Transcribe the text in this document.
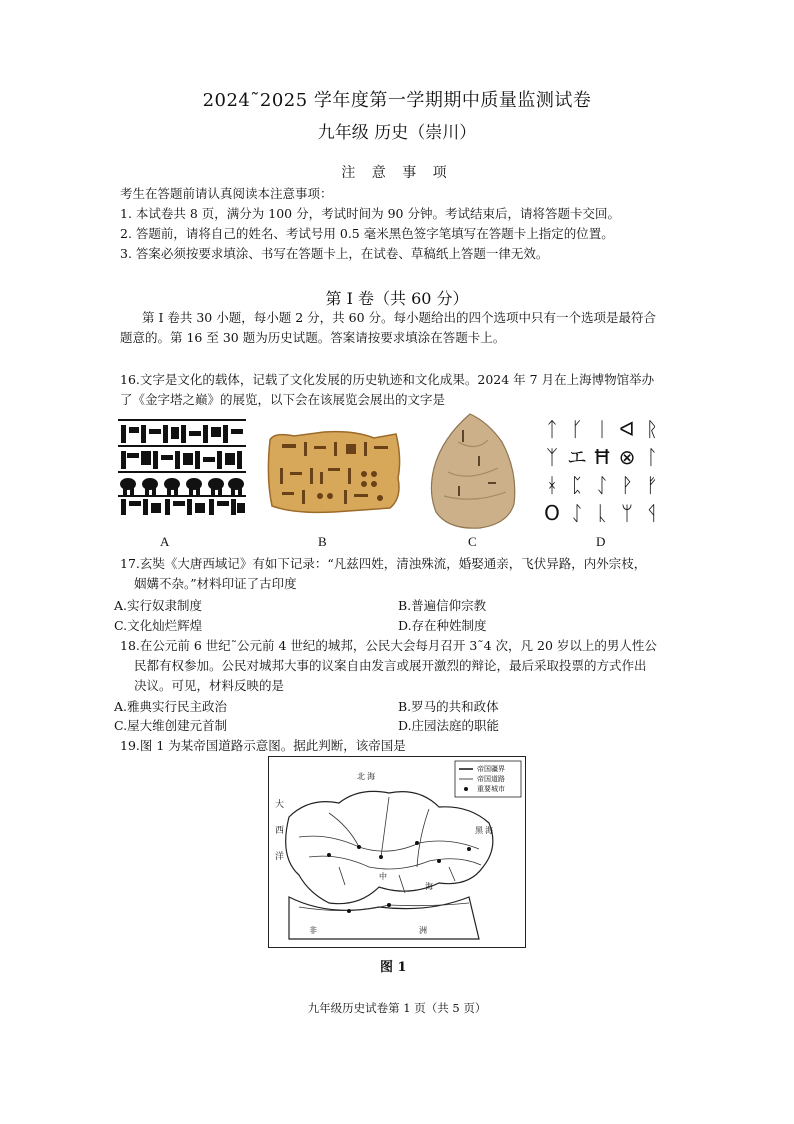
2024˜2025 学年度第一学期期中质量监测试卷
九年级 历史（崇川）
注 意 事 项
考生在答题前请认真阅读本注意事项：
1. 本试卷共 8 页，满分为 100 分，考试时间为 90 分钟。考试结束后，请将答题卡交回。
2. 答题前，请将自己的姓名、考试号用 0.5 毫米黑色签字笔填写在答题卡上指定的位置。
3. 答案必须按要求填涂、书写在答题卡上，在试卷、草稿纸上答题一律无效。
第 I 卷（共 60 分）
第 I 卷共 30 小题，每小题 2 分，共 60 分。每小题给出的四个选项中只有一个选项是最符合
题意的。第 16 至 30 题为历史试题。答案请按要求填涂在答题卡上。
16.文字是文化的载体，记载了文化发展的历史轨迹和文化成果。2024 年 7 月在上海博物馆举办
了《金字塔之巅》的展览，以下会在该展览会展出的文字是
ᛏ ᚴ ᛁ ᐊ ᚱ
ᛉ エ Ħ ⊗ ᛚ
ᚼ ᛈ ᛇ ᚹ ᚠ
O ᛇ ᚳ ᛘ ᛩ
A	B	C	D
17.玄奘《大唐西域记》有如下记录：“凡兹四姓，清浊殊流，婚娶通亲，飞伏异路，内外宗枝，
姻媾不杂。”材料印证了古印度
A.实行奴隶制度	B.普遍信仰宗教
C.文化灿烂辉煌	D.存在种姓制度
18.在公元前 6 世纪˜公元前 4 世纪的城邦，公民大会每月召开 3˜4 次，凡 20 岁以上的男人性公
民都有权参加。公民对城邦大事的议案自由发言或展开激烈的辩论，最后采取投票的方式作出
决议。可见，材料反映的是
A.雅典实行民主政治	B.罗马的共和政体
C.屋大维创建元首制	D.庄园法庭的职能
19.图 1 为某帝国道路示意图。据此判断，该帝国是
帝国疆界
帝国道路
重要城市
大
西
洋
北 海
中
海
黑 海
非	洲
图 1
九年级历史试卷第 1 页（共 5 页）
